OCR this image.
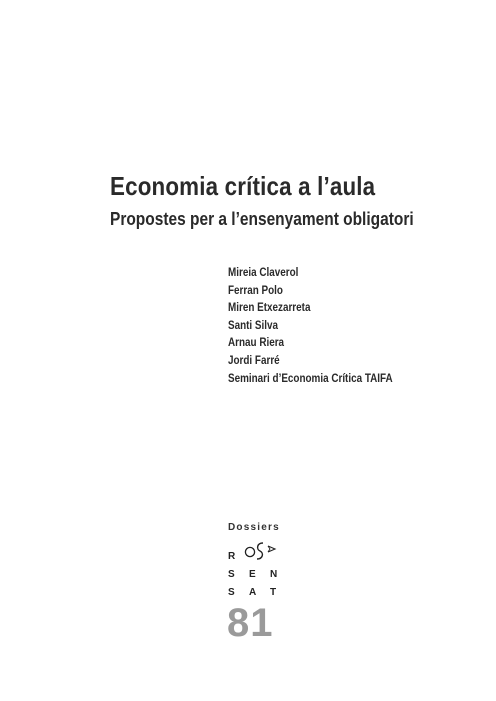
Economia crítica a l’aula
Propostes per a l’ensenyament obligatori
Mireia Claverol
Ferran Polo
Miren Etxezarreta
Santi Silva
Arnau Riera
Jordi Farré
Seminari d’Economia Crítica TAIFA
Dossiers
R
S	E	N
S	A T
81
